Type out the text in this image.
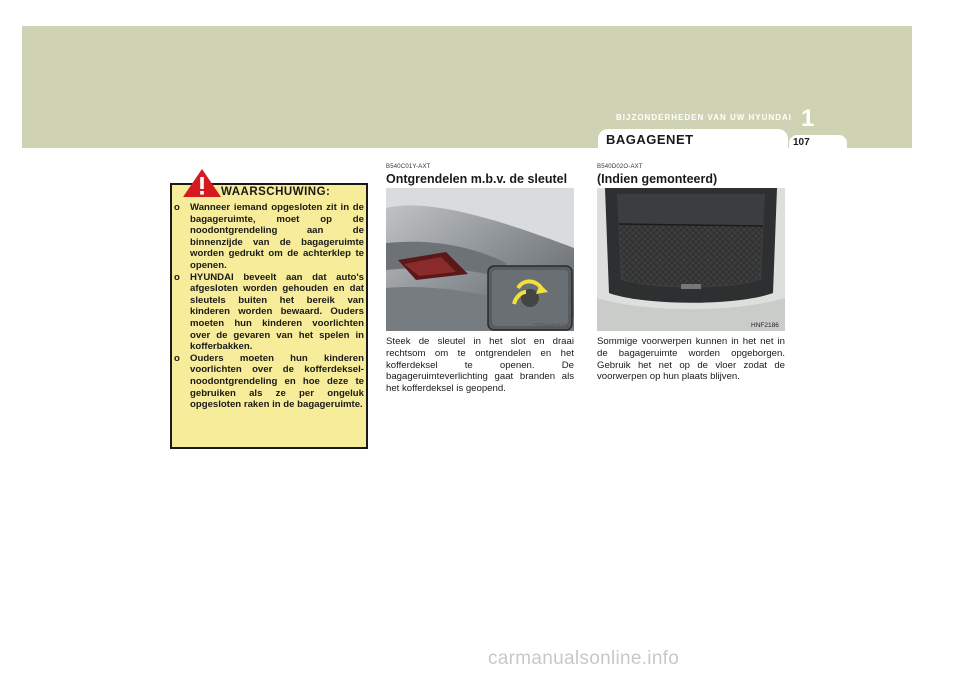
BIJZONDERHEDEN VAN UW HYUNDAI 1
BAGAGENET	107
WAARSCHUWING:
o Wanneer iemand opgesloten zit in de bagageruimte, moet op de noodontgrendeling aan de binnenzijde van de bagageruimte worden gedrukt om de achterklep te openen.
o HYUNDAI beveelt aan dat auto's afgesloten worden gehouden en dat sleutels buiten het bereik van kinderen worden bewaard. Ouders moeten hun kinderen voorlichten over de gevaren van het spelen in kofferbakken.
o Ouders moeten hun kinderen voorlichten over de kofferdeksel-noodontgrendeling en hoe deze te gebruiken als ze per ongeluk opgesloten raken in de bagageruimte.
B540C01Y-AXT
Ontgrendelen m.b.v. de sleutel
OTG040019
Steek de sleutel in het slot en draai rechtsom om te ontgrendelen en het kofferdeksel te openen. De bagageruimteverlichting gaat branden als het kofferdeksel is geopend.
B540D02O-AXT
(Indien gemonteerd)
HNF2186
Sommige voorwerpen kunnen in het net in de bagageruimte worden opgeborgen. Gebruik het net op de vloer zodat de voorwerpen op hun plaats blijven.
carmanualsonline.info
